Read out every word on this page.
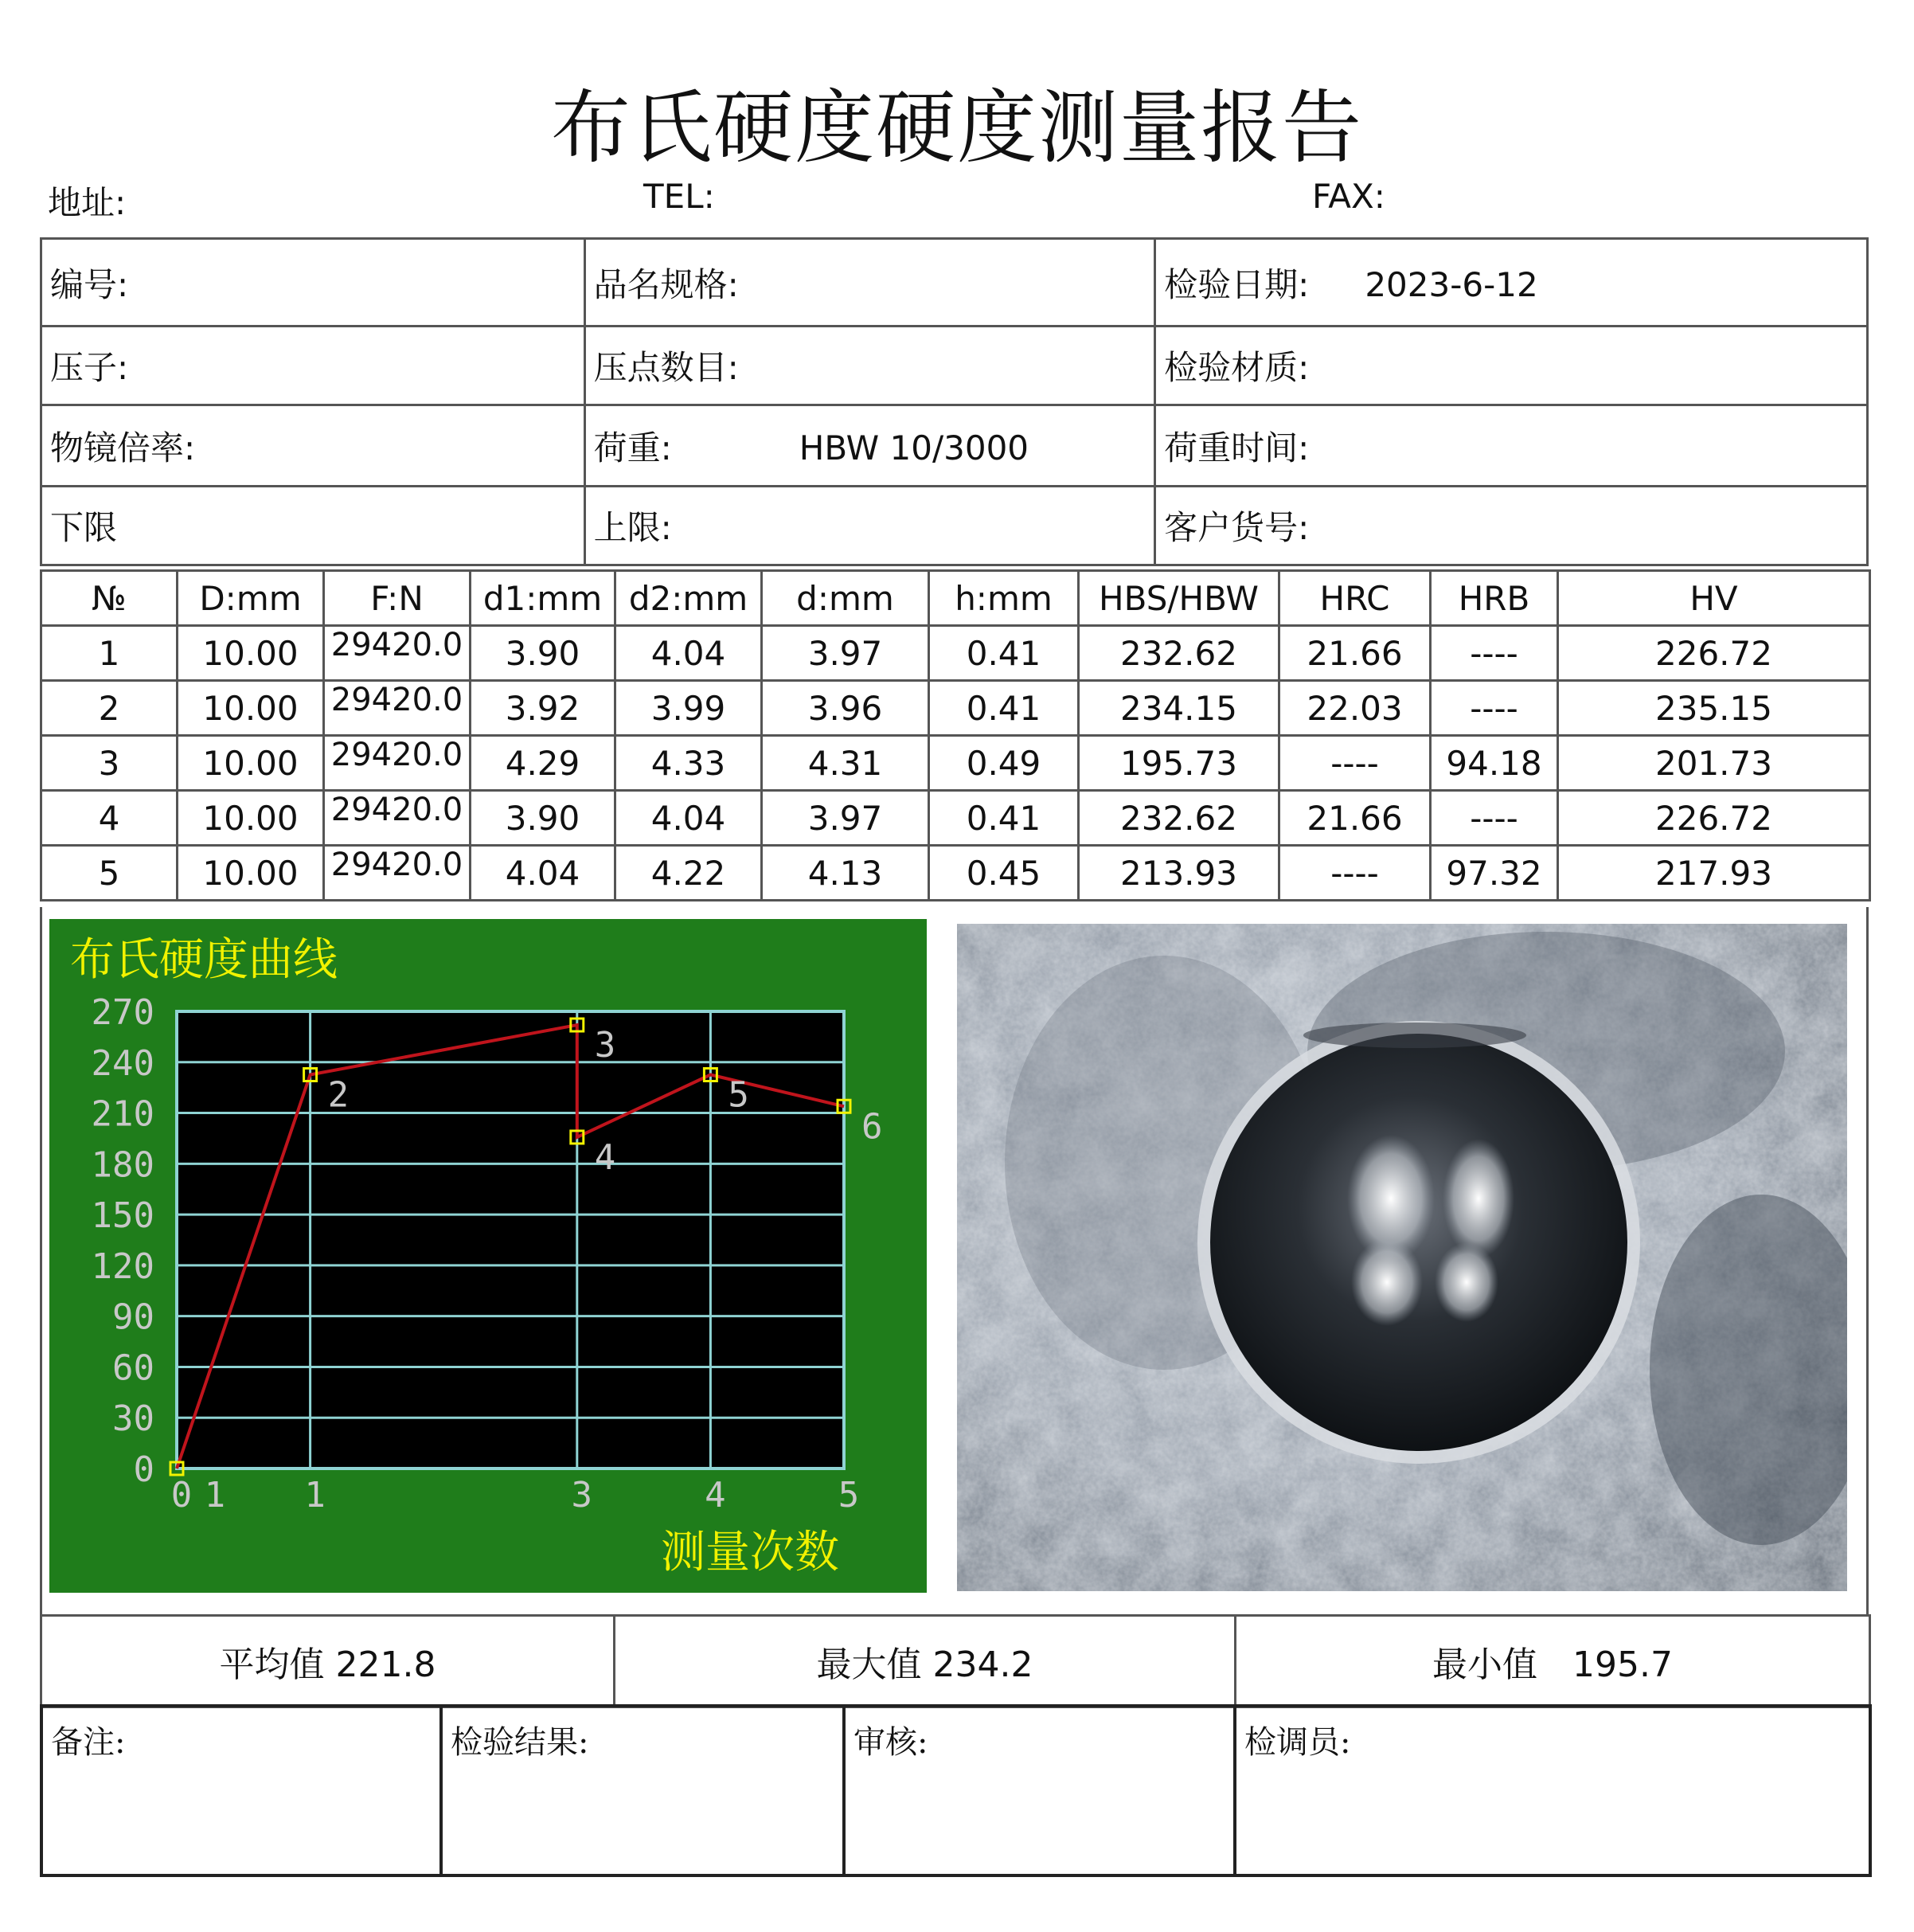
布氏硬度硬度测量报告
地址:	TEL:	FAX:
编号:	品名规格:	检验日期: 2023-6-12
压子:	压点数目:	检验材质:
物镜倍率:	荷重: HBW 10/3000	荷重时间:
下限	上限:	客户货号:
№	D:mm	F:N	d1:mm	d2:mm	d:mm	h:mm	HBS/HBW	HRC	HRB	HV
1	10.00	29420.0	3.90	4.04	3.97	0.41	232.62	21.66	----	226.72
2	10.00	29420.0	3.92	3.99	3.96	0.41	234.15	22.03	----	235.15
3	10.00	29420.0	4.29	4.33	4.31	0.49	195.73	----	94.18	201.73
4	10.00	29420.0	3.90	4.04	3.97	0.41	232.62	21.66	----	226.72
5	10.00	29420.0	4.04	4.22	4.13	0.45	213.93	----	97.32	217.93
0
30
60
90
120
150
180
210
240
270
0 1 1	3	4	5
2
3
4
5
6
布氏硬度曲线
测量次数
平均值 221.8	最大值 234.2	最小值　195.7
备注:	检验结果:	审核:	检调员:
